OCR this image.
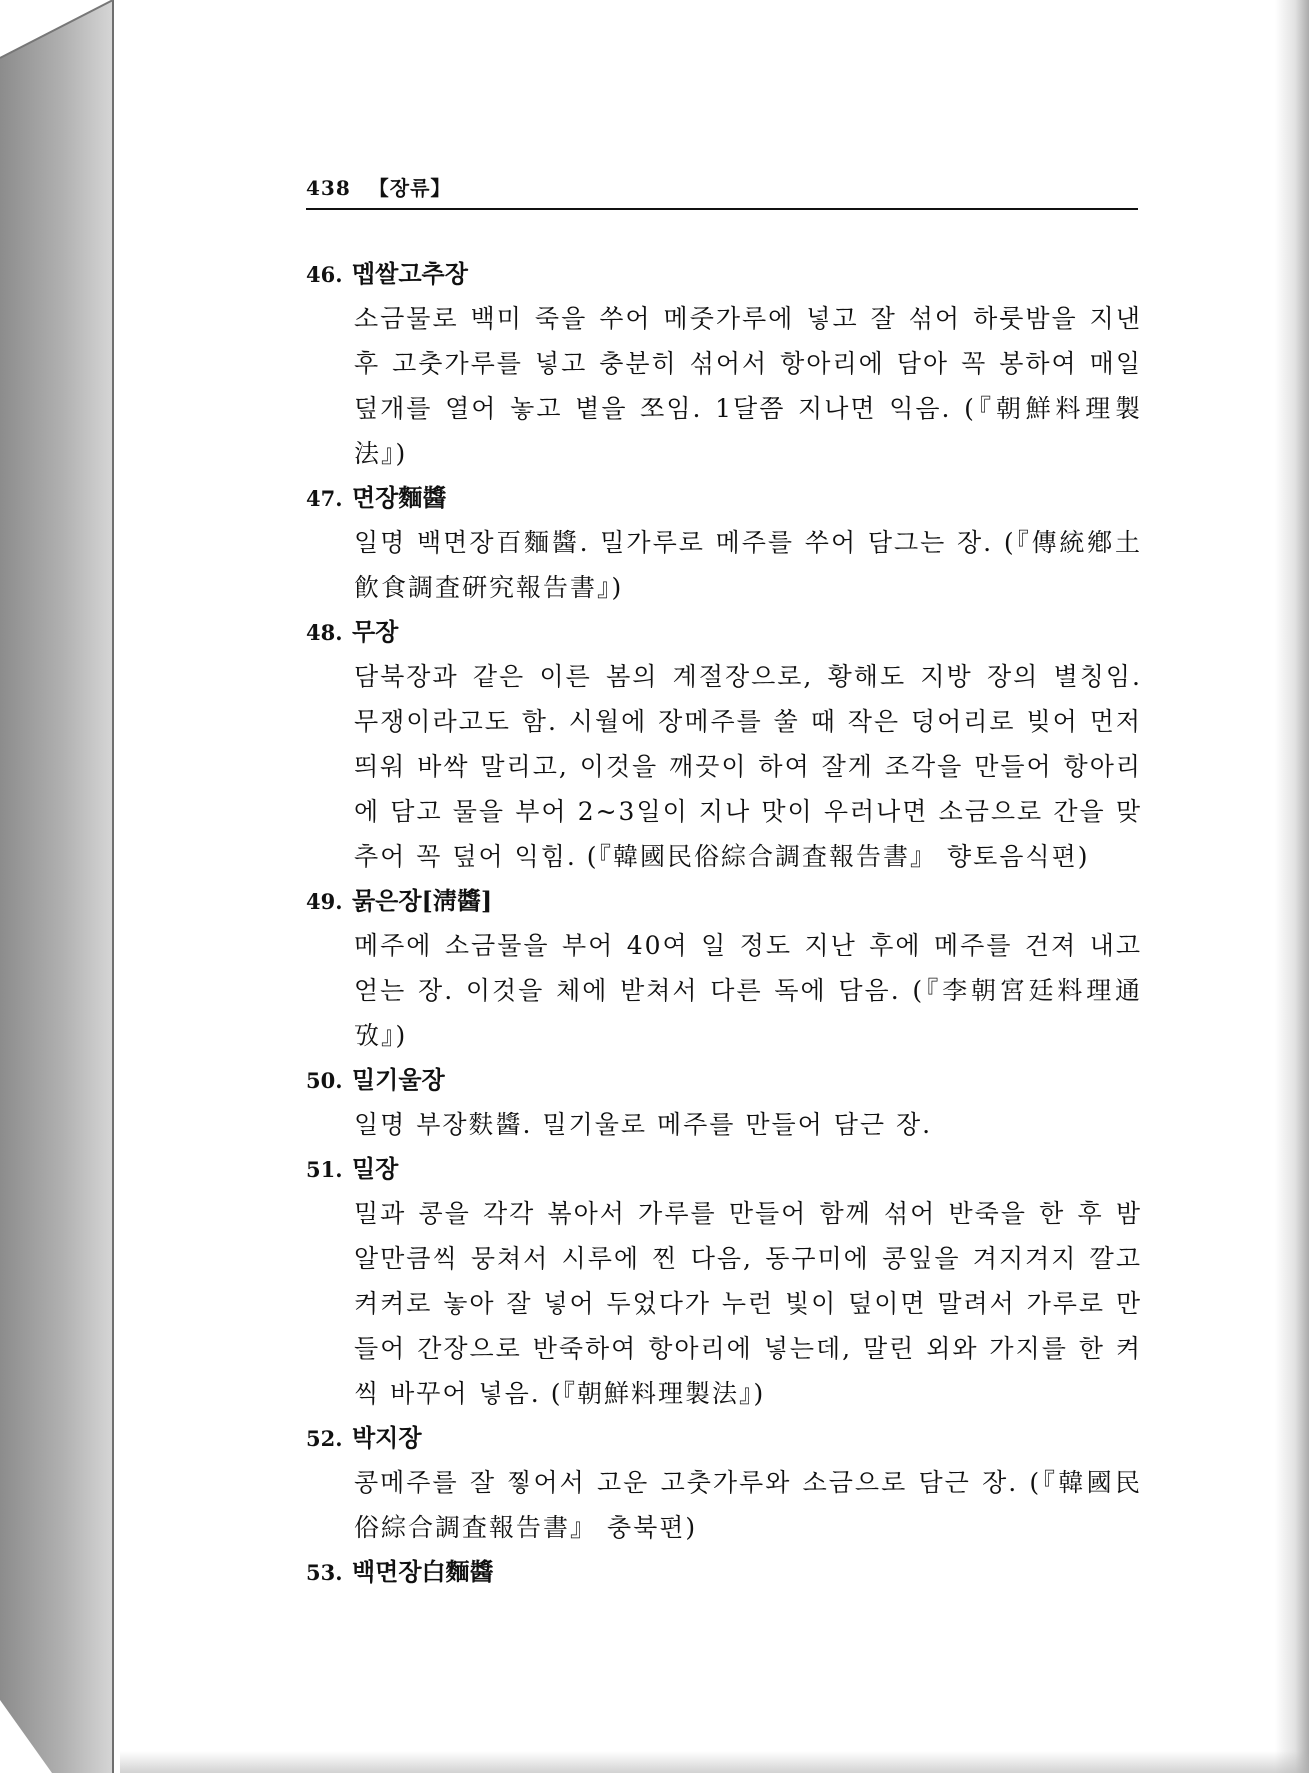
438 【장류】
46. 멥쌀고추장
소금물로 백미 죽을 쑤어 메줏가루에 넣고 잘 섞어 하룻밤을 지낸 후 고춧가루를 넣고 충분히 섞어서 항아리에 담아 꼭 봉하여 매일 덮개를 열어 놓고 볕을 쪼임. 1달쯤 지나면 익음. (『朝鮮料理製法』)
47. 면장麵醬
일명 백면장百麵醬. 밀가루로 메주를 쑤어 담그는 장. (『傳統鄕土飮食調査硏究報告書』)
48. 무장
담북장과 같은 이른 봄의 계절장으로, 황해도 지방 장의 별칭임. 무쟁이라고도 함. 시월에 장메주를 쑬 때 작은 덩어리로 빚어 먼저 띄워 바싹 말리고, 이것을 깨끗이 하여 잘게 조각을 만들어 항아리에 담고 물을 부어 2~3일이 지나 맛이 우러나면 소금으로 간을 맞추어 꼭 덮어 익힘. (『韓國民俗綜合調査報告書』 향토음식편)
49. 묽은장[淸醬]
메주에 소금물을 부어 40여 일 정도 지난 후에 메주를 건져 내고 얻는 장. 이것을 체에 받쳐서 다른 독에 담음. (『李朝宮廷料理通攷』)
50. 밀기울장
일명 부장麩醬. 밀기울로 메주를 만들어 담근 장.
51. 밀장
밀과 콩을 각각 볶아서 가루를 만들어 함께 섞어 반죽을 한 후 밤알만큼씩 뭉쳐서 시루에 찐 다음, 동구미에 콩잎을 겨지겨지 깔고 켜켜로 놓아 잘 넣어 두었다가 누런 빛이 덮이면 말려서 가루로 만들어 간장으로 반죽하여 항아리에 넣는데, 말린 외와 가지를 한 켜씩 바꾸어 넣음. (『朝鮮料理製法』)
52. 박지장
콩메주를 잘 찧어서 고운 고춧가루와 소금으로 담근 장. (『韓國民俗綜合調査報告書』 충북편)
53. 백면장白麵醬
